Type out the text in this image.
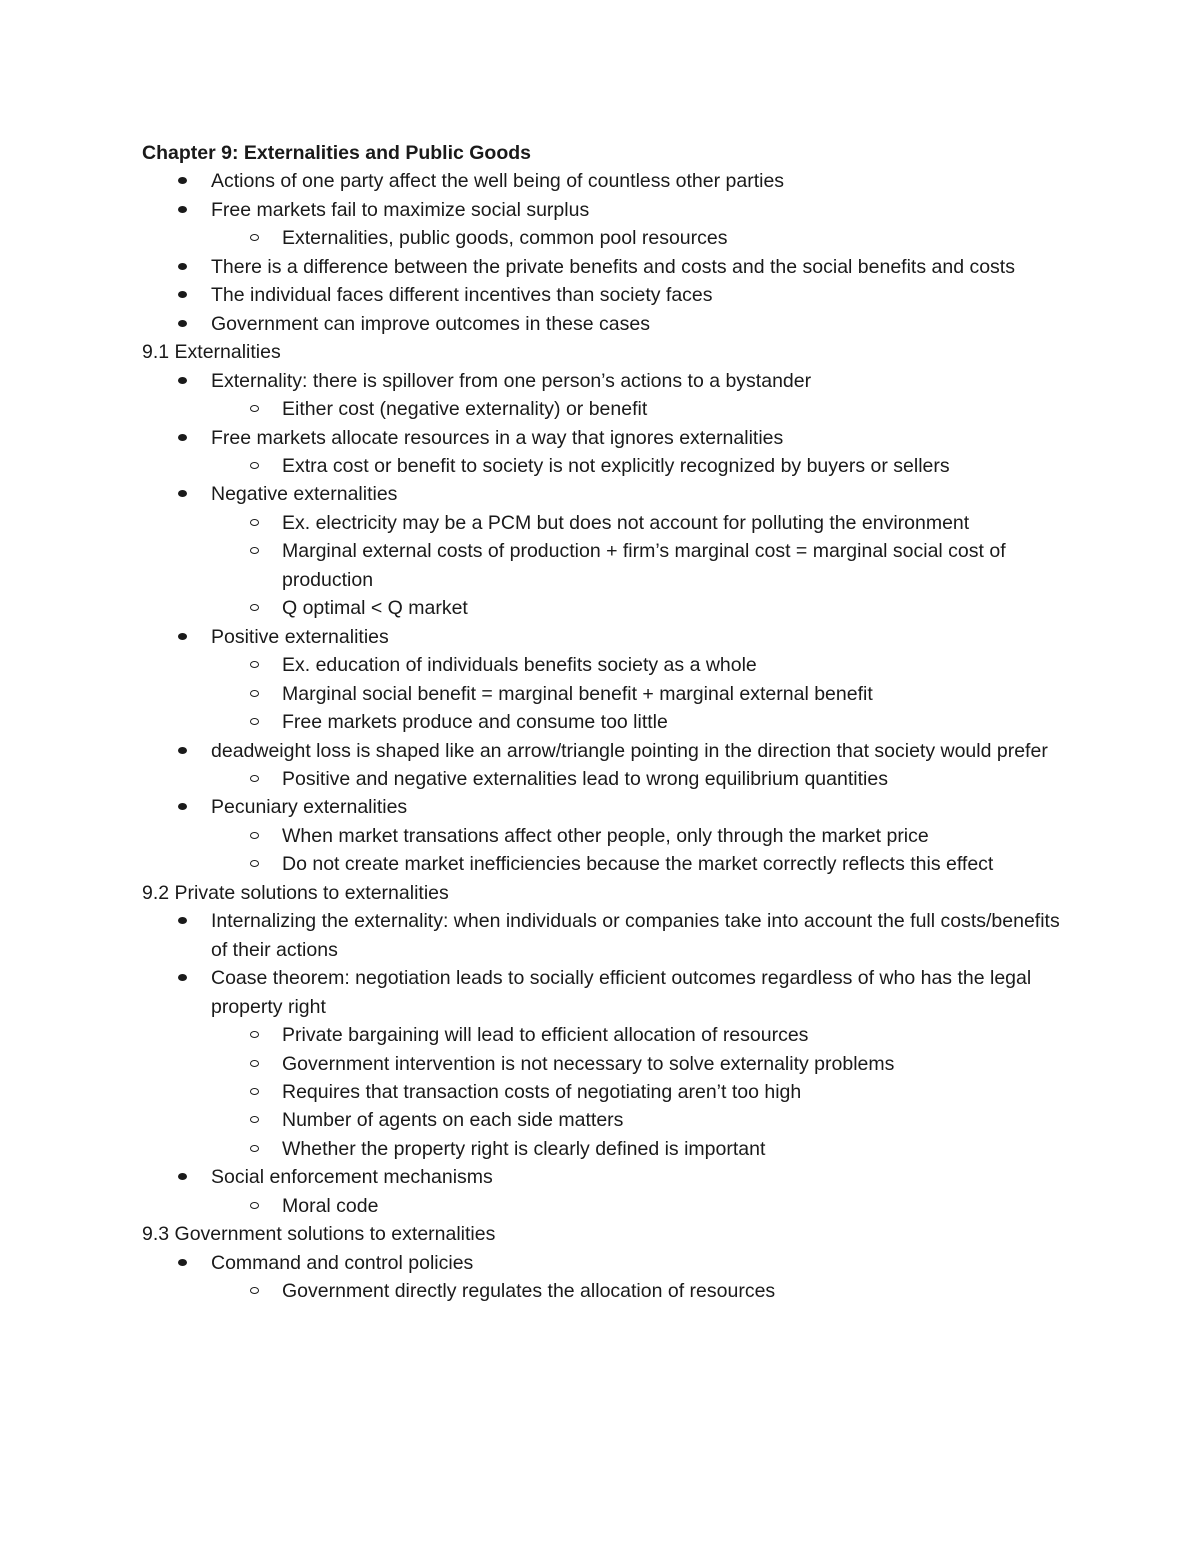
Chapter 9: Externalities and Public Goods

Actions of one party affect the well being of countless other parties
Free markets fail to maximize social surplus
Externalities, public goods, common pool resources
There is a difference between the private benefits and costs and the social benefits and costs
The individual faces different incentives than society faces
Government can improve outcomes in these cases

9.1 Externalities

Externality: there is spillover from one person’s actions to a bystander
Either cost (negative externality) or benefit
Free markets allocate resources in a way that ignores externalities
Extra cost or benefit to society is not explicitly recognized by buyers or sellers
Negative externalities
Ex. electricity may be a PCM but does not account for polluting the environment
Marginal external costs of production + firm’s marginal cost = marginal social cost of production
Q optimal < Q market
Positive externalities
Ex. education of individuals benefits society as a whole
Marginal social benefit = marginal benefit + marginal external benefit
Free markets produce and consume too little
deadweight loss is shaped like an arrow/triangle pointing in the direction that society would prefer
Positive and negative externalities lead to wrong equilibrium quantities
Pecuniary externalities
When market transations affect other people, only through the market price
Do not create market inefficiencies because the market correctly reflects this effect

9.2 Private solutions to externalities

Internalizing the externality: when individuals or companies take into account the full costs/benefits of their actions
Coase theorem: negotiation leads to socially efficient outcomes regardless of who has the legal property right
Private bargaining will lead to efficient allocation of resources
Government intervention is not necessary to solve externality problems
Requires that transaction costs of negotiating aren’t too high
Number of agents on each side matters
Whether the property right is clearly defined is important
Social enforcement mechanisms
Moral code

9.3 Government solutions to externalities

Command and control policies
Government directly regulates the allocation of resources
